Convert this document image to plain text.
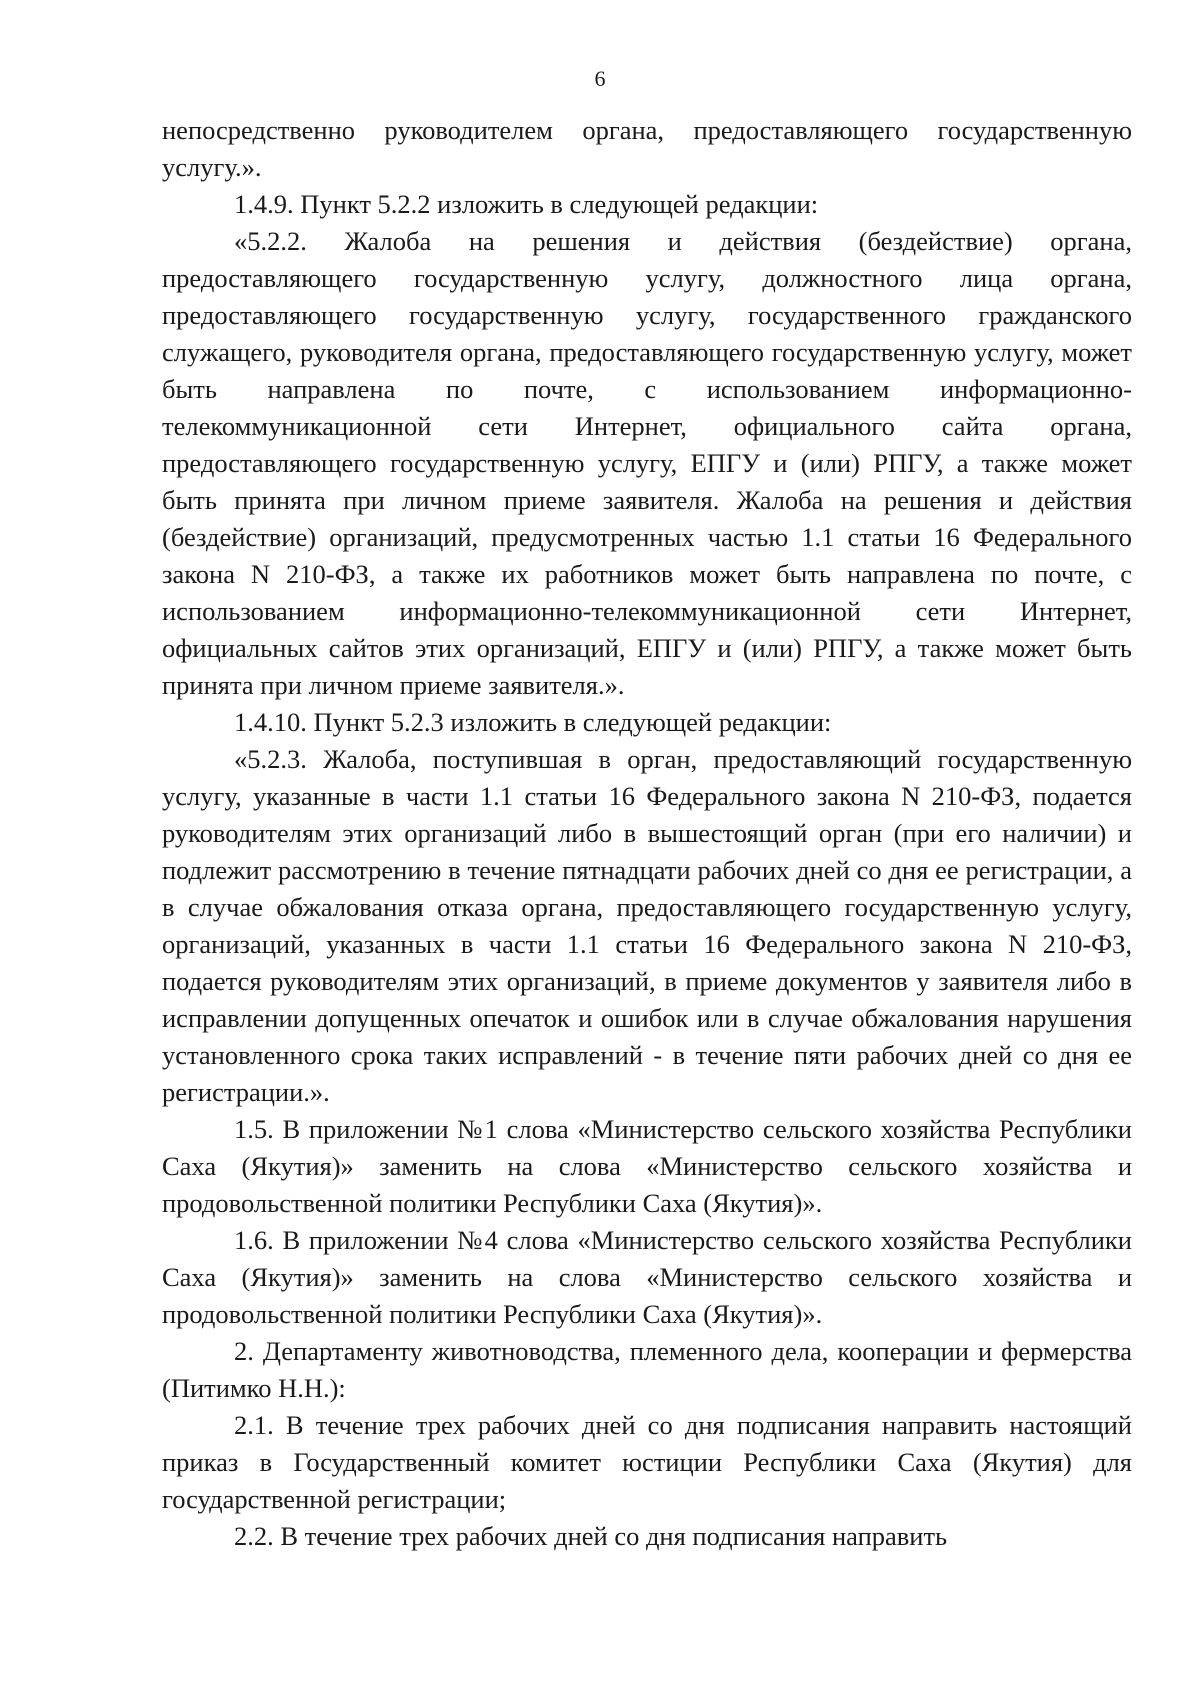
6

непосредственно руководителем органа, предоставляющего государственную услугу.».

1.4.9. Пункт 5.2.2 изложить в следующей редакции:

«5.2.2. Жалоба на решения и действия (бездействие) органа, предоставляющего государственную услугу, должностного лица органа, предоставляющего государственную услугу, государственного гражданского служащего, руководителя органа, предоставляющего государственную услугу, может быть направлена по почте, с использованием информационно-телекоммуникационной сети Интернет, официального сайта органа, предоставляющего государственную услугу, ЕПГУ и (или) РПГУ, а также может быть принята при личном приеме заявителя. Жалоба на решения и действия (бездействие) организаций, предусмотренных частью 1.1 статьи 16 Федерального закона N 210-ФЗ, а также их работников может быть направлена по почте, с использованием информационно-телекоммуникационной сети Интернет, официальных сайтов этих организаций, ЕПГУ и (или) РПГУ, а также может быть принята при личном приеме заявителя.».

1.4.10. Пункт 5.2.3 изложить в следующей редакции:

«5.2.3. Жалоба, поступившая в орган, предоставляющий государственную услугу, указанные в части 1.1 статьи 16 Федерального закона N 210-ФЗ, подается руководителям этих организаций либо в вышестоящий орган (при его наличии) и подлежит рассмотрению в течение пятнадцати рабочих дней со дня ее регистрации, а в случае обжалования отказа органа, предоставляющего государственную услугу, организаций, указанных в части 1.1 статьи 16 Федерального закона N 210-ФЗ, подается руководителям этих организаций, в приеме документов у заявителя либо в исправлении допущенных опечаток и ошибок или в случае обжалования нарушения установленного срока таких исправлений - в течение пяти рабочих дней со дня ее регистрации.».

1.5. В приложении №1 слова «Министерство сельского хозяйства Республики Саха (Якутия)» заменить на слова «Министерство сельского хозяйства и продовольственной политики Республики Саха (Якутия)».

1.6. В приложении №4 слова «Министерство сельского хозяйства Республики Саха (Якутия)» заменить на слова «Министерство сельского хозяйства и продовольственной политики Республики Саха (Якутия)».

2. Департаменту животноводства, племенного дела, кооперации и фермерства (Питимко Н.Н.):

2.1. В течение трех рабочих дней со дня подписания направить настоящий приказ в Государственный комитет юстиции Республики Саха (Якутия) для государственной регистрации;

2.2. В течение трех рабочих дней со дня подписания направить
